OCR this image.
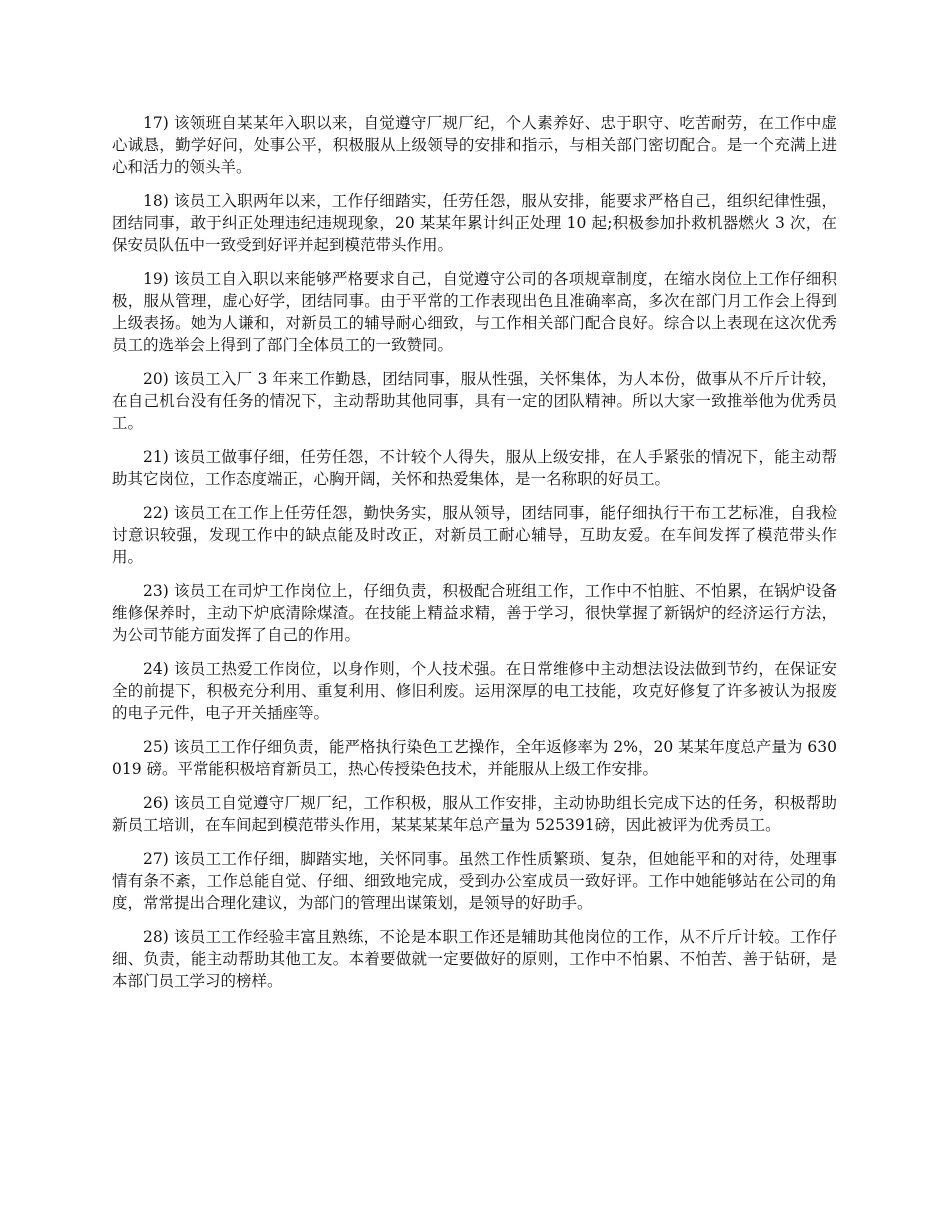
17) 该领班自某某年入职以来，自觉遵守厂规厂纪，个人素养好、忠于职守、吃苦耐劳，在工作中虚心诚恳，勤学好问，处事公平，积极服从上级领导的安排和指示，与相关部门密切配合。是一个充满上进心和活力的领头羊。

18) 该员工入职两年以来，工作仔细踏实，任劳任怨，服从安排，能要求严格自己，组织纪律性强，团结同事，敢于纠正处理违纪违规现象，20 某某年累计纠正处理 10 起;积极参加扑救机器燃火 3 次，在保安员队伍中一致受到好评并起到模范带头作用。

19) 该员工自入职以来能够严格要求自己，自觉遵守公司的各项规章制度，在缩水岗位上工作仔细积极，服从管理，虚心好学，团结同事。由于平常的工作表现出色且准确率高，多次在部门月工作会上得到上级表扬。她为人谦和，对新员工的辅导耐心细致，与工作相关部门配合良好。综合以上表现在这次优秀员工的选举会上得到了部门全体员工的一致赞同。

20) 该员工入厂 3 年来工作勤恳，团结同事，服从性强，关怀集体，为人本份，做事从不斤斤计较，在自己机台没有任务的情况下，主动帮助其他同事，具有一定的团队精神。所以大家一致推举他为优秀员工。

21) 该员工做事仔细，任劳任怨，不计较个人得失，服从上级安排，在人手紧张的情况下，能主动帮助其它岗位，工作态度端正，心胸开阔，关怀和热爱集体，是一名称职的好员工。

22) 该员工在工作上任劳任怨，勤快务实，服从领导，团结同事，能仔细执行干布工艺标准，自我检讨意识较强，发现工作中的缺点能及时改正，对新员工耐心辅导，互助友爱。在车间发挥了模范带头作用。

23) 该员工在司炉工作岗位上，仔细负责，积极配合班组工作，工作中不怕脏、不怕累，在锅炉设备维修保养时，主动下炉底清除煤渣。在技能上精益求精，善于学习，很快掌握了新锅炉的经济运行方法，为公司节能方面发挥了自己的作用。

24) 该员工热爱工作岗位，以身作则，个人技术强。在日常维修中主动想法设法做到节约，在保证安全的前提下，积极充分利用、重复利用、修旧利废。运用深厚的电工技能，攻克好修复了许多被认为报废的电子元件，电子开关插座等。

25) 该员工工作仔细负责，能严格执行染色工艺操作，全年返修率为 2%，20 某某年度总产量为 630019 磅。平常能积极培育新员工，热心传授染色技术，并能服从上级工作安排。

26) 该员工自觉遵守厂规厂纪，工作积极，服从工作安排，主动协助组长完成下达的任务，积极帮助新员工培训，在车间起到模范带头作用，某某某某年总产量为 525391磅，因此被评为优秀员工。

27) 该员工工作仔细，脚踏实地，关怀同事。虽然工作性质繁琐、复杂，但她能平和的对待，处理事情有条不紊，工作总能自觉、仔细、细致地完成，受到办公室成员一致好评。工作中她能够站在公司的角度，常常提出合理化建议，为部门的管理出谋策划，是领导的好助手。

28) 该员工工作经验丰富且熟练，不论是本职工作还是辅助其他岗位的工作，从不斤斤计较。工作仔细、负责，能主动帮助其他工友。本着要做就一定要做好的原则，工作中不怕累、不怕苦、善于钻研，是本部门员工学习的榜样。
